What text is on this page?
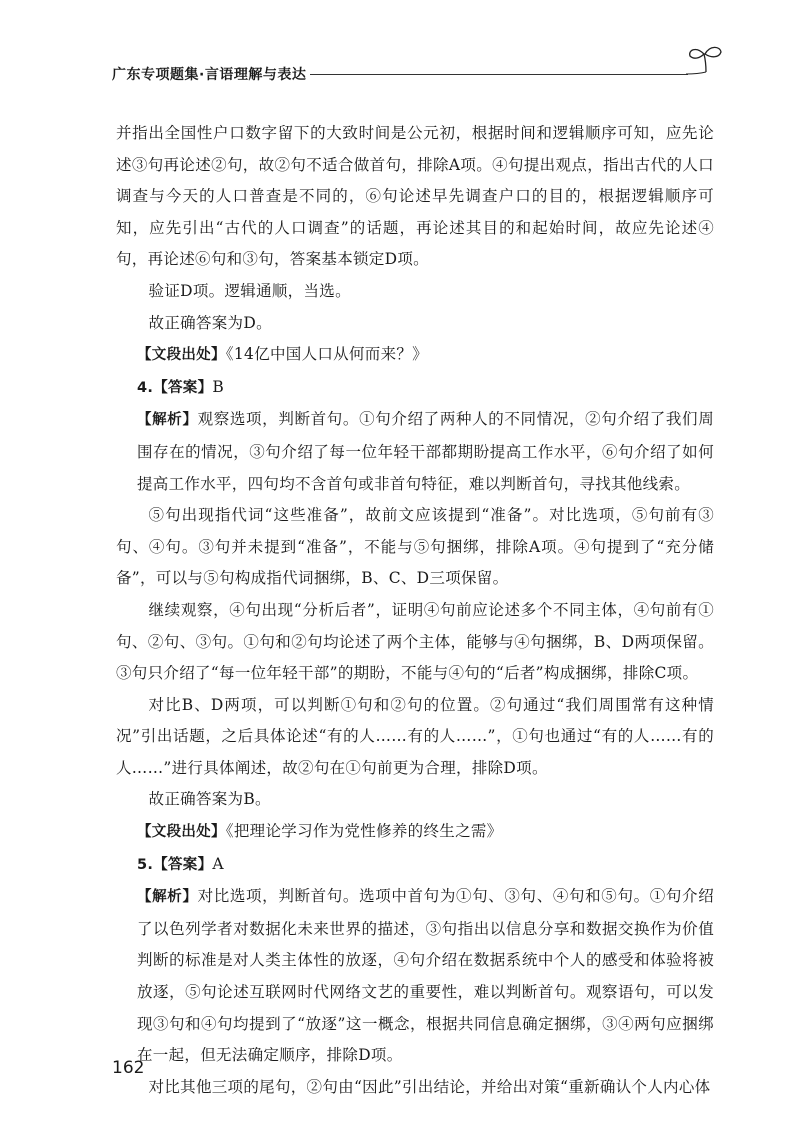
广东专项题集·言语理解与表达

并指出全国性户口数字留下的大致时间是公元初，根据时间和逻辑顺序可知，应先论述③句再论述②句，故②句不适合做首句，排除A项。④句提出观点，指出古代的人口调查与今天的人口普查是不同的，⑥句论述早先调查户口的目的，根据逻辑顺序可知，应先引出“古代的人口调查”的话题，再论述其目的和起始时间，故应先论述④句，再论述⑥句和③句，答案基本锁定D项。

验证D项。逻辑通顺，当选。

故正确答案为D。

【文段出处】《14亿中国人口从何而来？》

4.【答案】B

【解析】观察选项，判断首句。①句介绍了两种人的不同情况，②句介绍了我们周围存在的情况，③句介绍了每一位年轻干部都期盼提高工作水平，⑥句介绍了如何提高工作水平，四句均不含首句或非首句特征，难以判断首句，寻找其他线索。

⑤句出现指代词“这些准备”，故前文应该提到“准备”。对比选项，⑤句前有③句、④句。③句并未提到“准备”，不能与⑤句捆绑，排除A项。④句提到了“充分储备”，可以与⑤句构成指代词捆绑，B、C、D三项保留。

继续观察，④句出现“分析后者”，证明④句前应论述多个不同主体，④句前有①句、②句、③句。①句和②句均论述了两个主体，能够与④句捆绑，B、D两项保留。③句只介绍了“每一位年轻干部”的期盼，不能与④句的“后者”构成捆绑，排除C项。

对比B、D两项，可以判断①句和②句的位置。②句通过“我们周围常有这种情况”引出话题，之后具体论述“有的人……有的人……”，①句也通过“有的人……有的人……”进行具体阐述，故②句在①句前更为合理，排除D项。

故正确答案为B。

【文段出处】《把理论学习作为党性修养的终生之需》

5.【答案】A

【解析】对比选项，判断首句。选项中首句为①句、③句、④句和⑤句。①句介绍了以色列学者对数据化未来世界的描述，③句指出以信息分享和数据交换作为价值判断的标准是对人类主体性的放逐，④句介绍在数据系统中个人的感受和体验将被放逐，⑤句论述互联网时代网络文艺的重要性，难以判断首句。观察语句，可以发现③句和④句均提到了“放逐”这一概念，根据共同信息确定捆绑，③④两句应捆绑在一起，但无法确定顺序，排除D项。

对比其他三项的尾句，②句由“因此”引出结论，并给出对策“重新确认个人内心体

162
